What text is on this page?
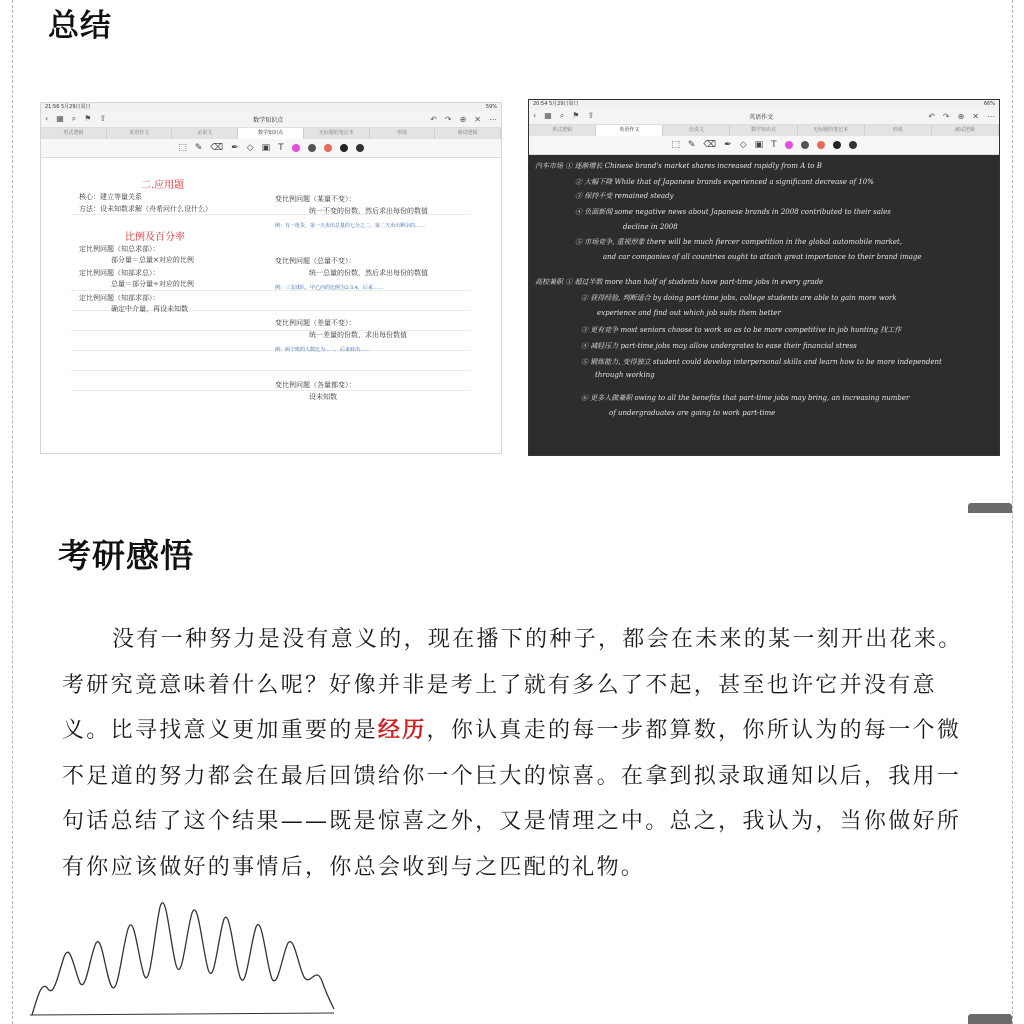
总结
21:56 5月29日周日	59%
‹ ▦ ⌕ ⚑ ⇪	数学知识点	↶ ↷ ⊕ ✕ ⋯
形式逻辑	英语作文	论说文	数学知识点	无标题的笔记本	形成	被试逻辑
⬚ ✎ ⌫ ✒ ◇ ▣ T
二.应用题
核心：建立等量关系
方法：设未知数求解（舟希问什么设什么）
比例及百分率
定比例问题（知总求部）：
部分量＝总量×对应的比例
定比例问题（知部求总）：
总量＝部分量÷对应的比例
定比例问题（知部求部）：
确定中介量，再设未知数
变比例问题（某量不变）：
统一不变的份数，然后求出每份的数值
例：有一批货，第一天卖出总量的七分之二，第二天卖出剩余的……
变比例问题（总量不变）：
统一总量的份数，然后求出每份的数值
例：三支球队，甲乙丙的比例为2:3:4，后来……
变比例问题（差量不变）：
统一差量的份数，求出每份数值
例：两个班的人数比为……，后来转出……
变比例问题（各量都变）：
设未知数
20:54 5月29日周日	66%
‹ ▦ ⌕ ⚑ ⇪	英语作文	↶ ↷ ⊕ ✕ ⋯
形式逻辑	英语作文	论说文	数学知识点	无标题的笔记本	形成	被试逻辑
⬚ ✎ ⌫ ✒ ◇ ▣ T
汽车市场 ① 逐渐增长 Chinese brand's market shares increased rapidly from A to B
② 大幅下降 While that of Japanese brands experienced a significant decrease of 10%
③ 保持不变 remained steady
④ 负面新闻 some negative news about Japanese brands in 2008 contributed to their sales
decline in 2008
⑤ 市场竞争, 重视形象 there will be much fiercer competition in the global automobile market,
and car companies of all countries ought to attach great importance to their brand image
高校兼职 ① 超过半数 more than half of students have part-time jobs in every grade
② 获得经验, 判断适合 by doing part-time jobs, college students are able to gain more work
experience and find out which job suits them better
③ 更有竞争 most seniors choose to work so as to be more competitive in job hunting 找工作
④ 减轻压力 part-time jobs may allow undergrates to ease their financial stress
⑤ 锻炼能力, 变得独立 student could develop interpersonal skills and learn how to be more independent
through working
⑥ 更多人做兼职 owing to all the benefits that part-time jobs may bring, an increasing number
of undergraduates are going to work part-time
考研感悟
没有一种努力是没有意义的，现在播下的种子，都会在未来的某一刻开出花来。考研究竟意味着什么呢？好像并非是考上了就有多么了不起，甚至也许它并没有意义。比寻找意义更加重要的是经历，你认真走的每一步都算数，你所认为的每一个微不足道的努力都会在最后回馈给你一个巨大的惊喜。在拿到拟录取通知以后，我用一句话总结了这个结果——既是惊喜之外，又是情理之中。总之，我认为，当你做好所有你应该做好的事情后，你总会收到与之匹配的礼物。
